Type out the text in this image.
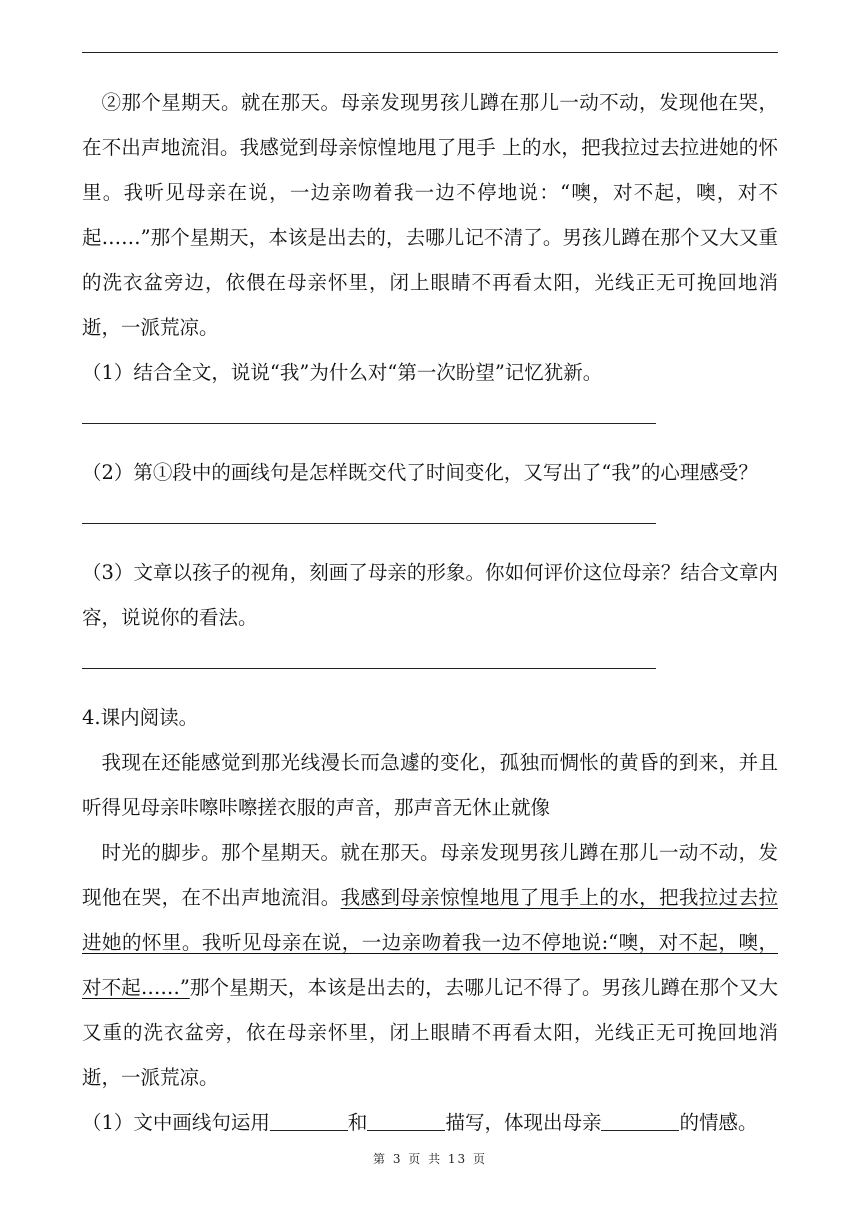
②那个星期天。就在那天。母亲发现男孩儿蹲在那儿一动不动，发现他在哭，在不出声地流泪。我感觉到母亲惊惶地甩了甩手 上的水，把我拉过去拉进她的怀里。我听见母亲在说，一边亲吻着我一边不停地说：“噢，对不起，噢，对不起……”那个星期天，本该是出去的，去哪儿记不清了。男孩儿蹲在那个又大又重的洗衣盆旁边，依偎在母亲怀里，闭上眼睛不再看太阳，光线正无可挽回地消逝，一派荒凉。

（1）结合全文，说说“我”为什么对“第一次盼望”记忆犹新。

（2）第①段中的画线句是怎样既交代了时间变化，又写出了“我”的心理感受？

（3）文章以孩子的视角，刻画了母亲的形象。你如何评价这位母亲？结合文章内容，说说你的看法。

4.课内阅读。

我现在还能感觉到那光线漫长而急遽的变化，孤独而惆怅的黄昏的到来，并且听得见母亲咔嚓咔嚓搓衣服的声音，那声音无休止就像

时光的脚步。那个星期天。就在那天。母亲发现男孩儿蹲在那儿一动不动，发现他在哭，在不出声地流泪。我感到母亲惊惶地甩了甩手上的水，把我拉过去拉进她的怀里。我听见母亲在说，一边亲吻着我一边不停地说:“噢，对不起，噢，对不起……”那个星期天，本该是出去的，去哪儿记不得了。男孩儿蹲在那个又大又重的洗衣盆旁，依在母亲怀里，闭上眼睛不再看太阳，光线正无可挽回地消逝，一派荒凉。

（1）文中画线句运用	和	描写，体现出母亲	的情感。

第 3 页 共 13 页
